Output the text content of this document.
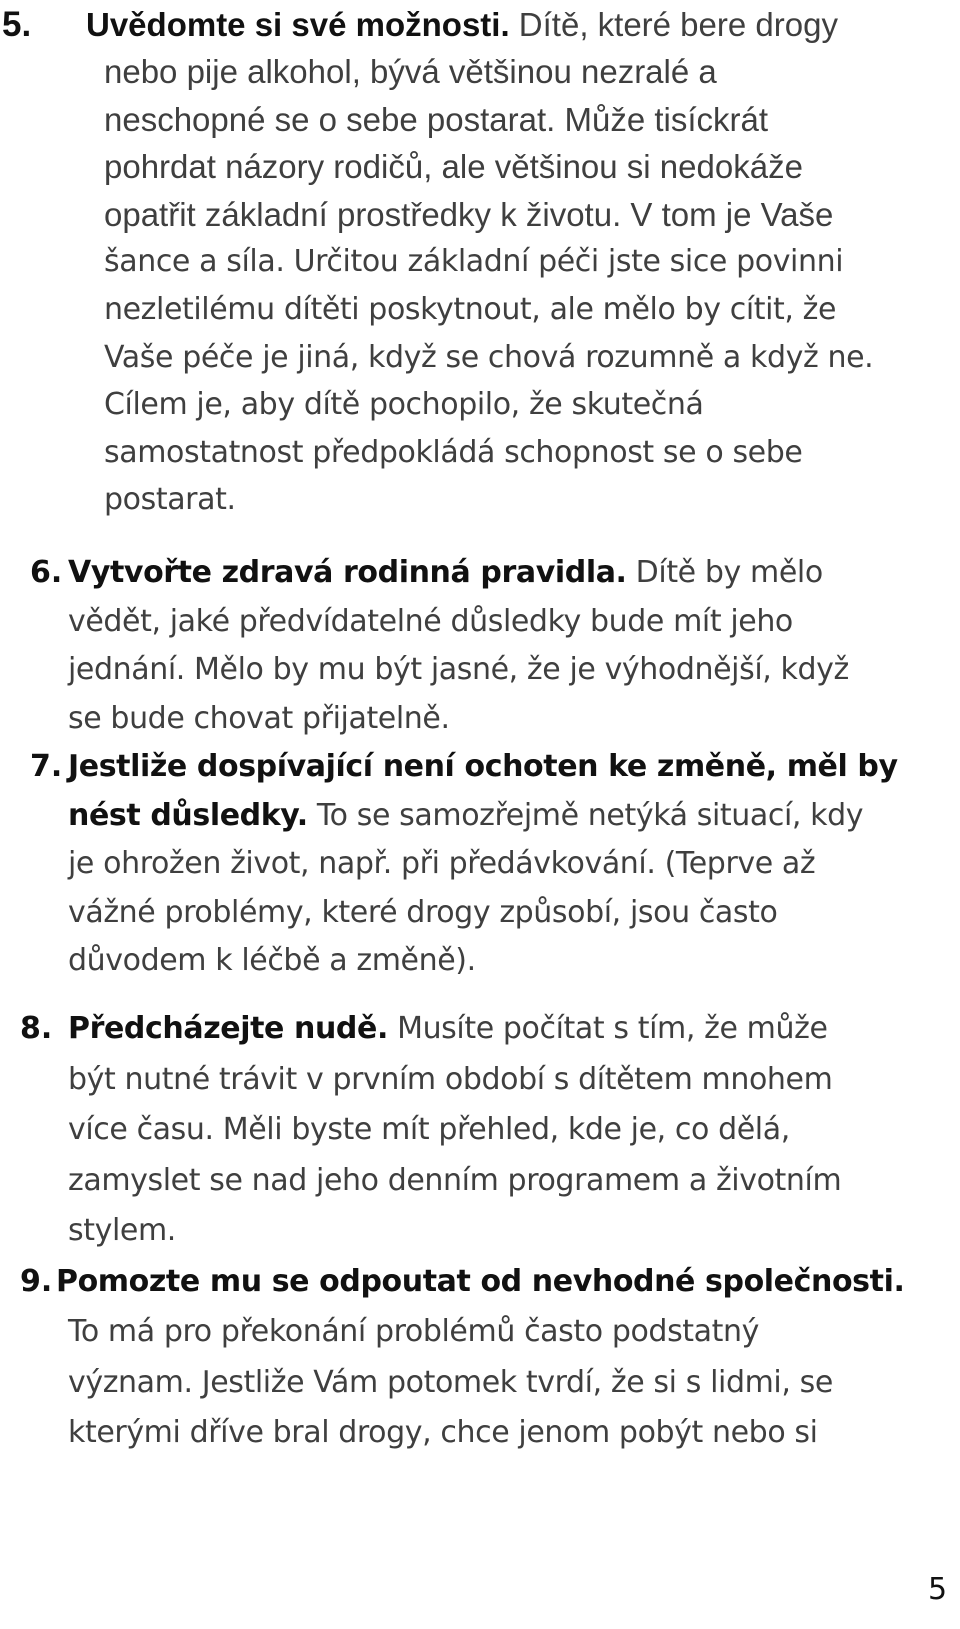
5. Uvědomte si své možnosti. Dítě, které bere drogy
nebo pije alkohol, bývá většinou nezralé a
neschopné se o sebe postarat. Může tisíckrát
pohrdat názory rodičů, ale většinou si nedokáže
opatřit základní prostředky k životu. V tom je Vaše
šance a síla. Určitou základní péči jste sice povinni
nezletilému dítěti poskytnout, ale mělo by cítit, že
Vaše péče je jiná, když se chová rozumně a když ne.
Cílem je, aby dítě pochopilo, že skutečná
samostatnost předpokládá schopnost se o sebe
postarat.
6. Vytvořte zdravá rodinná pravidla. Dítě by mělo
vědět, jaké předvídatelné důsledky bude mít jeho
jednání. Mělo by mu být jasné, že je výhodnější, když
se bude chovat přijatelně.
7. Jestliže dospívající není ochoten ke změně, měl by
nést důsledky. To se samozřejmě netýká situací, kdy
je ohrožen život, např. při předávkování. (Teprve až
vážné problémy, které drogy způsobí, jsou často
důvodem k léčbě a změně).
8. Předcházejte nudě. Musíte počítat s tím, že může
být nutné trávit v prvním období s dítětem mnohem
více času. Měli byste mít přehled, kde je, co dělá,
zamyslet se nad jeho denním programem a životním
stylem.
9. Pomozte mu se odpoutat od nevhodné společnosti.
To má pro překonání problémů často podstatný
význam. Jestliže Vám potomek tvrdí, že si s lidmi, se
kterými dříve bral drogy, chce jenom pobýt nebo si
5
